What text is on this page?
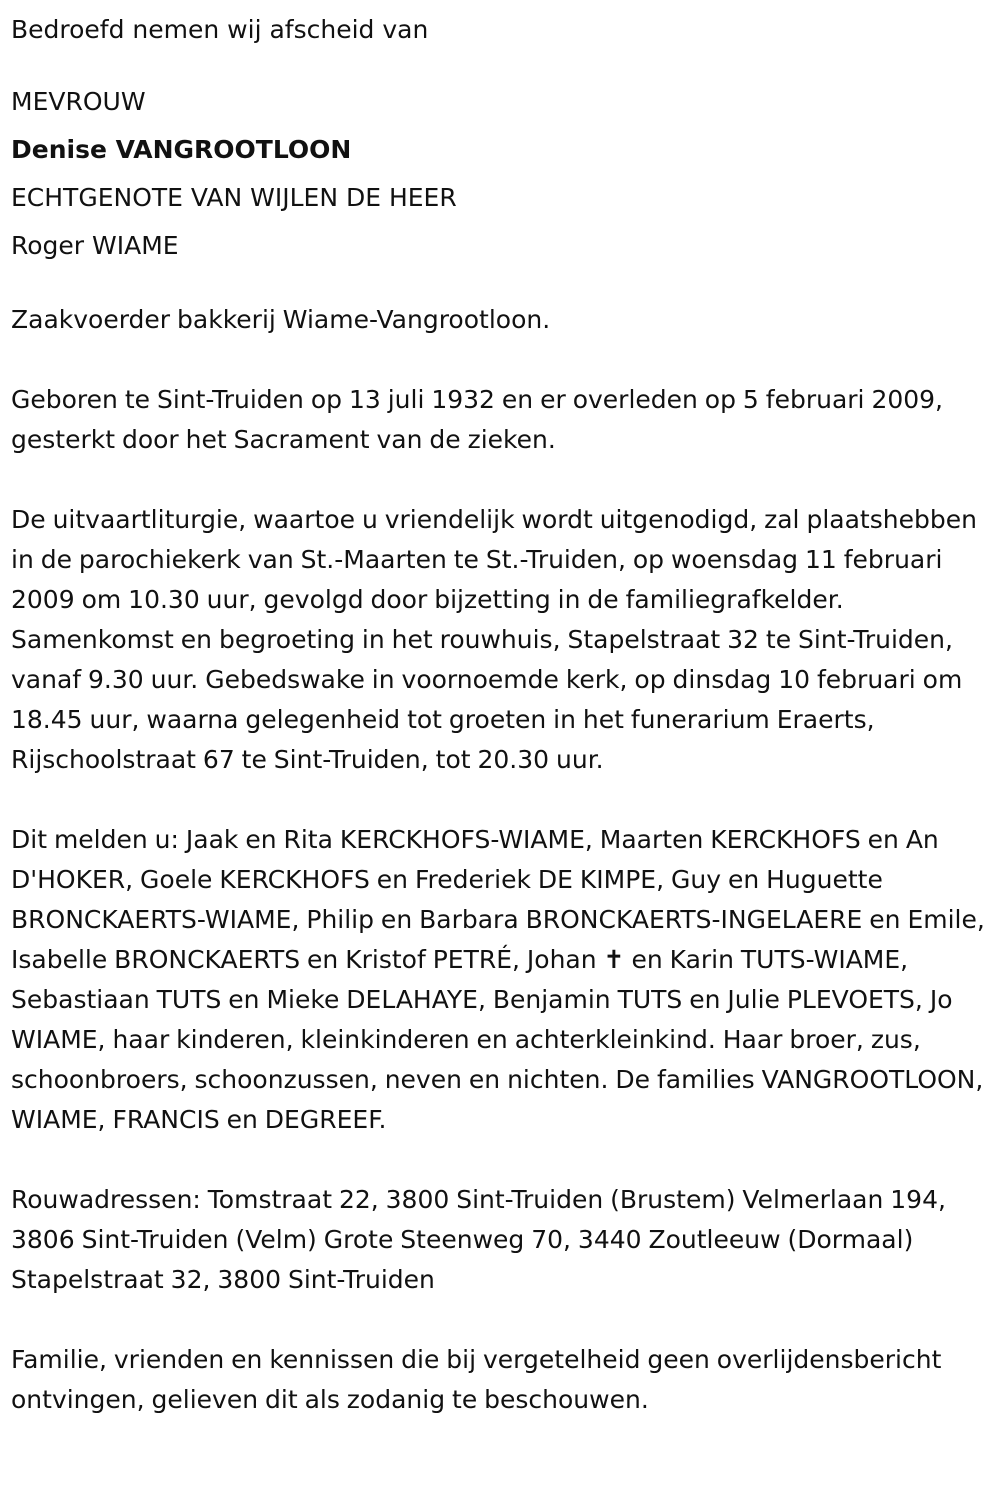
Bedroefd nemen wij afscheid van

MEVROUW

Denise VANGROOTLOON

ECHTGENOTE VAN WIJLEN DE HEER

Roger WIAME

Zaakvoerder bakkerij Wiame-Vangrootloon.

Geboren te Sint-Truiden op 13 juli 1932 en er overleden op 5 februari 2009, gesterkt door het Sacrament van de zieken.

De uitvaartliturgie, waartoe u vriendelijk wordt uitgenodigd, zal plaatshebben in de parochiekerk van St.-Maarten te St.-Truiden, op woensdag 11 februari 2009 om 10.30 uur, gevolgd door bijzetting in de familiegrafkelder. Samenkomst en begroeting in het rouwhuis, Stapelstraat 32 te Sint-Truiden, vanaf 9.30 uur. Gebedswake in voornoemde kerk, op dinsdag 10 februari om 18.45 uur, waarna gelegenheid tot groeten in het funerarium Eraerts, Rijschoolstraat 67 te Sint-Truiden, tot 20.30 uur.

Dit melden u: Jaak en Rita KERCKHOFS-WIAME, Maarten KERCKHOFS en An D'HOKER, Goele KERCKHOFS en Frederiek DE KIMPE, Guy en Huguette BRONCKAERTS-WIAME, Philip en Barbara BRONCKAERTS-INGELAERE en Emile, Isabelle BRONCKAERTS en Kristof PETRÉ, Johan ✝ en Karin TUTS-WIAME, Sebastiaan TUTS en Mieke DELAHAYE, Benjamin TUTS en Julie PLEVOETS, Jo WIAME, haar kinderen, kleinkinderen en achterkleinkind. Haar broer, zus, schoonbroers, schoonzussen, neven en nichten. De families VANGROOTLOON, WIAME, FRANCIS en DEGREEF.

Rouwadressen: Tomstraat 22, 3800 Sint-Truiden (Brustem) Velmerlaan 194, 3806 Sint-Truiden (Velm) Grote Steenweg 70, 3440 Zoutleeuw (Dormaal) Stapelstraat 32, 3800 Sint-Truiden

Familie, vrienden en kennissen die bij vergetelheid geen overlijdensbericht ontvingen, gelieven dit als zodanig te beschouwen.
